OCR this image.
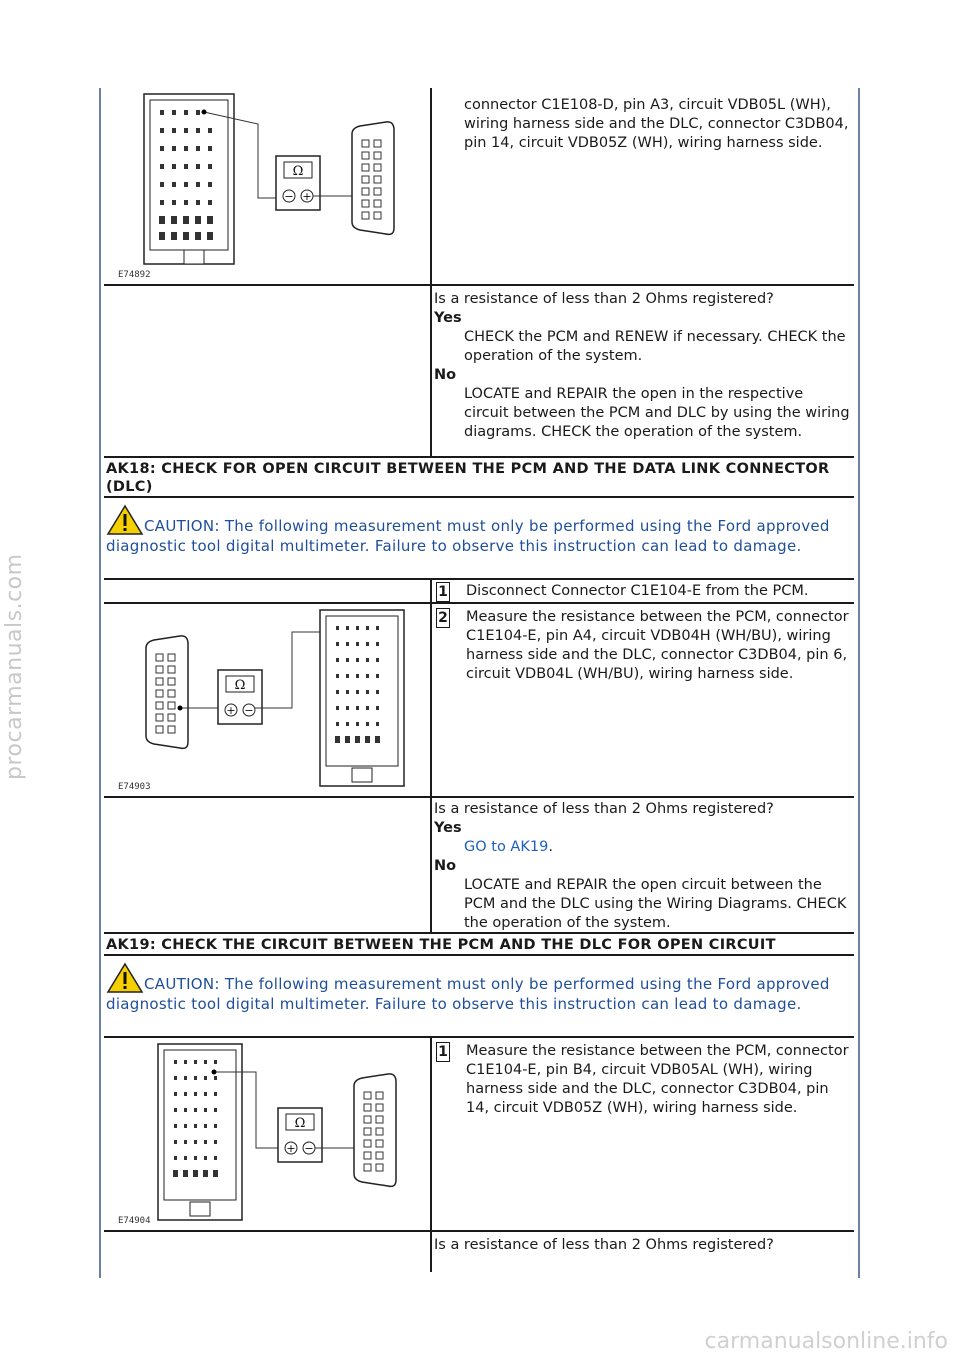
procarmanuals.com
carmanualsonline.info
Ω
− +
E74892
connector C1E108-D, pin A3, circuit VDB05L (WH), wiring harness side and the DLC, connector C3DB04, pin 14, circuit VDB05Z (WH), wiring harness side.
Is a resistance of less than 2 Ohms registered?
Yes
CHECK the PCM and RENEW if necessary. CHECK the operation of the system.
No
LOCATE and REPAIR the open in the respective circuit between the PCM and DLC by using the wiring diagrams. CHECK the operation of the system.
AK18: CHECK FOR OPEN CIRCUIT BETWEEN THE PCM AND THE DATA LINK CONNECTOR (DLC)
CAUTION: The following measurement must only be performed using the Ford approved diagnostic tool digital multimeter. Failure to observe this instruction can lead to damage.
1 Disconnect Connector C1E104-E from the PCM.
Ω
+ −
E74903
2 Measure the resistance between the PCM, connector C1E104-E, pin A4, circuit VDB04H (WH/BU), wiring harness side and the DLC, connector C3DB04, pin 6, circuit VDB04L (WH/BU), wiring harness side.
Is a resistance of less than 2 Ohms registered?
Yes
GO to AK19.
No
LOCATE and REPAIR the open circuit between the PCM and the DLC using the Wiring Diagrams. CHECK the operation of the system.
AK19: CHECK THE CIRCUIT BETWEEN THE PCM AND THE DLC FOR OPEN CIRCUIT
CAUTION: The following measurement must only be performed using the Ford approved diagnostic tool digital multimeter. Failure to observe this instruction can lead to damage.
Ω
+ −
E74904
1 Measure the resistance between the PCM, connector C1E104-E, pin B4, circuit VDB05AL (WH), wiring harness side and the DLC, connector C3DB04, pin 14, circuit VDB05Z (WH), wiring harness side.
Is a resistance of less than 2 Ohms registered?
